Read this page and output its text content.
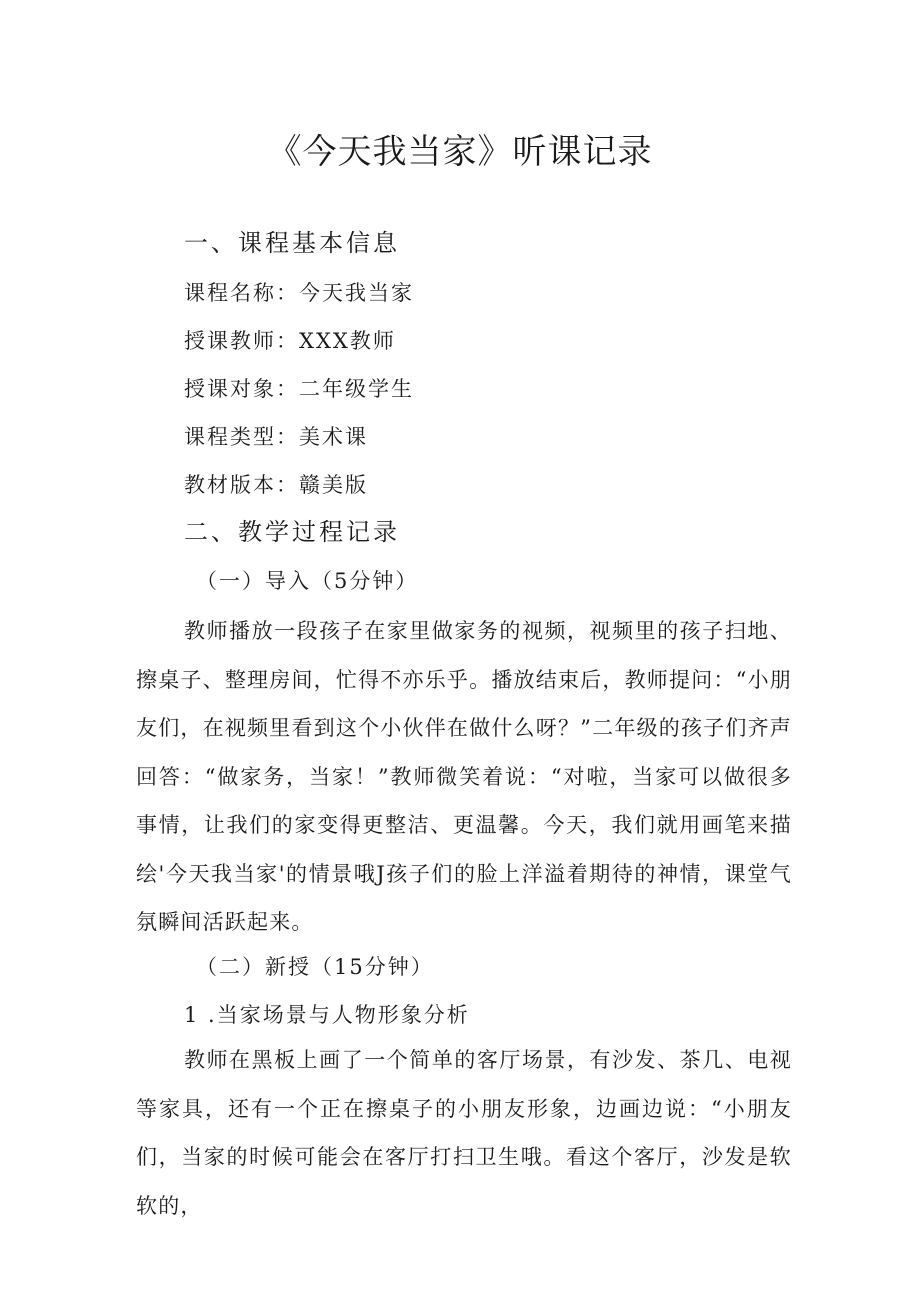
《今天我当家》听课记录
一、课程基本信息
课程名称：今天我当家
授课教师：XXX教师
授课对象：二年级学生
课程类型：美术课
教材版本：赣美版
二、教学过程记录
（一）导入（5分钟）

教师播放一段孩子在家里做家务的视频，视频里的孩子扫地、擦桌子、整理房间，忙得不亦乐乎。播放结束后，教师提问：“小朋友们，在视频里看到这个小伙伴在做什么呀？”二年级的孩子们齐声回答：“做家务，当家！”教师微笑着说：“对啦，当家可以做很多事情，让我们的家变得更整洁、更温馨。今天，我们就用画笔来描绘'今天我当家'的情景哦J孩子们的脸上洋溢着期待的神情，课堂气氛瞬间活跃起来。

（二）新授（15分钟）
1 .当家场景与人物形象分析

教师在黑板上画了一个简单的客厅场景，有沙发、茶几、电视等家具，还有一个正在擦桌子的小朋友形象，边画边说：“小朋友们，当家的时候可能会在客厅打扫卫生哦。看这个客厅，沙发是软软的，
